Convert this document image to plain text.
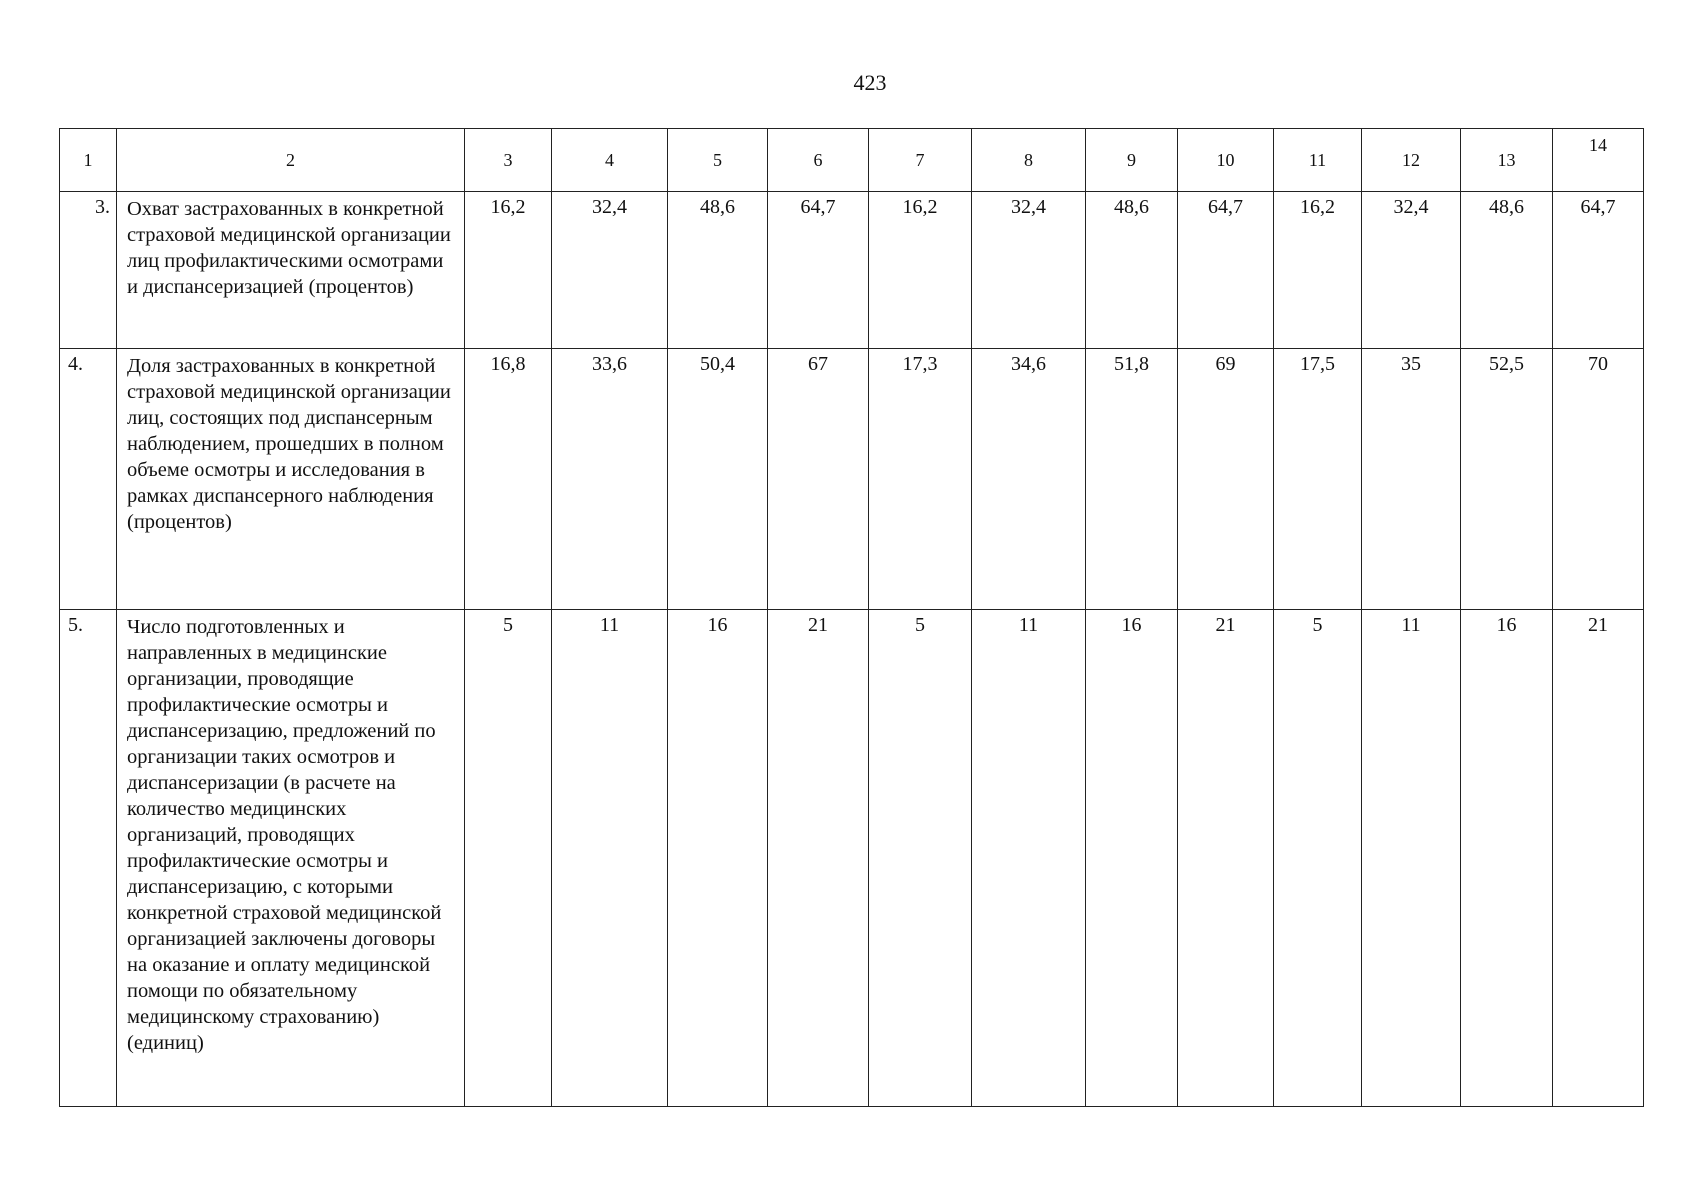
423
1	2	3	4	5	6	7	8	9	10	11	12	13	14
3.	Охват застрахованных в конкретной страховой медицинской организации лиц профилактическими осмотрами и диспансеризацией (процентов)	16,2	32,4	48,6	64,7	16,2	32,4	48,6	64,7	16,2	32,4	48,6	64,7
4.	Доля застрахованных в конкретной страховой медицинской организации лиц, состоящих под диспансерным наблюдением, прошедших в полном объеме осмотры и исследования в рамках диспансерного наблюдения (процентов)	16,8	33,6	50,4	67	17,3	34,6	51,8	69	17,5	35	52,5	70
5.	Число подготовленных и направленных в медицинские организации, проводящие профилактические осмотры и диспансеризацию, предложений по организации таких осмотров и диспансеризации (в расчете на количество медицинских организаций, проводящих профилактические осмотры и диспансеризацию, с которыми конкретной страховой медицинской организацией заключены договоры на оказание и оплату медицинской помощи по обязательному медицинскому страхованию) (единиц)	5	11	16	21	5	11	16	21	5	11	16	21
